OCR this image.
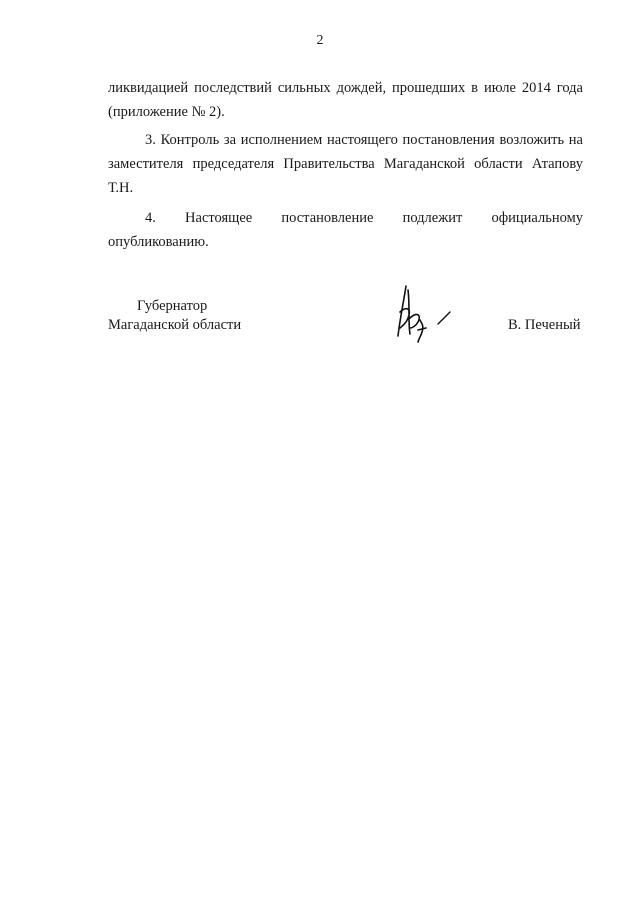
2

ликвидацией последствий сильных дождей, прошедших в июле 2014 года (приложение № 2).

3. Контроль за исполнением настоящего постановления возложить на заместителя председателя Правительства Магаданской области Атапову Т.Н.

4. Настоящее постановление подлежит официальному опубликованию.

Губернатор
Магаданской области	В. Печеный
